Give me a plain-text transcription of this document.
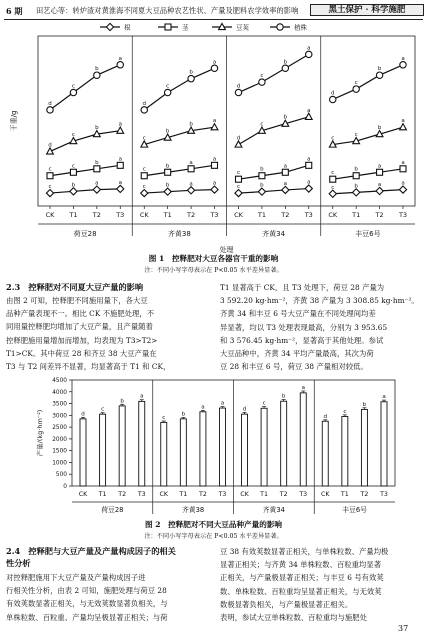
6 期 田艺心等：转炉渣对黄淮海不同夏大豆品种农艺性状、产量及肥料农学效率的影响	黑土保护 · 科学施肥
干重/g
根	茎	豆荚	植株
d
c
b
a
d
c
b
a
d
c
b
a
d
c
b
a
d
c
b
a
c
b
b
a
d
c
b
a
c
c
b
a
c
c
b
a
c
b
a
a
c
b
a
a
c
b
a
a
c	b	a	a
c	b	a	a
c	b	a	a
c	b	a	a
CK T1 T2 T3
荷豆28
CK T1 T2 T3
齐黄38
CK T1 T2 T3
齐黄34
CK T1 T2 T3
丰豆6号
处理
图 1　控释肥对大豆各器官干重的影响
注：不同小写字母表示在 P<0.05 水平差异显著。
2.3　控释肥对不同夏大豆产量的影响
由图 2 可知，控释肥不同施用量下，各大豆
品种产量表现不一。相比 CK 不施肥处理，不
同用量控释肥均增加了大豆产量，且产量随着
控释肥施用量增加而增加，均表现为 T3>T2>
T1>CK。其中荷豆 28 和齐豆 38 大豆产量在
T3 与 T2 间差异不显著，均显著高于 T1 和 CK，
T1 显著高于 CK，且 T3 处理下，荷豆 28 产量为
3 592.20 kg·hm⁻²，齐黄 38 产量为 3 308.85 kg·hm⁻²。
齐黄 34 和丰豆 6 号大豆产量在不同处理间均差
异显著，均以 T3 处理表现最高，分别为 3 953.65
和 3 576.45 kg·hm⁻²，显著高于其他处理。参试
大豆品种中，齐黄 34 平均产量最高，其次为荷
豆 28 和丰豆 6 号，荷豆 38 产量相对较低。
0
500
1000
1500
2000
2500
3000
3500
4000
4500
产量/(kg·hm⁻²)	d
CK
c
T1
b
T2
a
T3
荷豆28
c
CK
b
T1
a
T2
a
T3
齐黄38
d
CK
c
T1
b
T2
a
T3
齐黄34
d
CK
c
T1
b
T2
a
T3
丰豆6号
图 2　控释肥对不同大豆品种产量的影响
注：不同小写字母表示在 P<0.05 水平差异显著。
2.4　控释肥与大豆产量及产量构成因子的相关
性分析
对控释肥施用下大豆产量及产量构成因子进
行相关性分析，由表 2 可知，施肥处理与荷豆 28
有效荚数显著正相关，与无效荚数显著负相关，与
单株粒数、百粒重、产量均呈极显著正相关；与荷
豆 38 有效荚数显著正相关，与单株粒数、产量均极
显著正相关；与齐黄 34 单株粒数、百粒重均显著
正相关，与产量极显著正相关；与丰豆 6 号有效荚
数、单株粒数、百粒重均呈显著正相关，与无效荚
数极显著负相关，与产量极显著正相关。
表明，参试大豆单株粒数、百粒重均与施肥处
37
